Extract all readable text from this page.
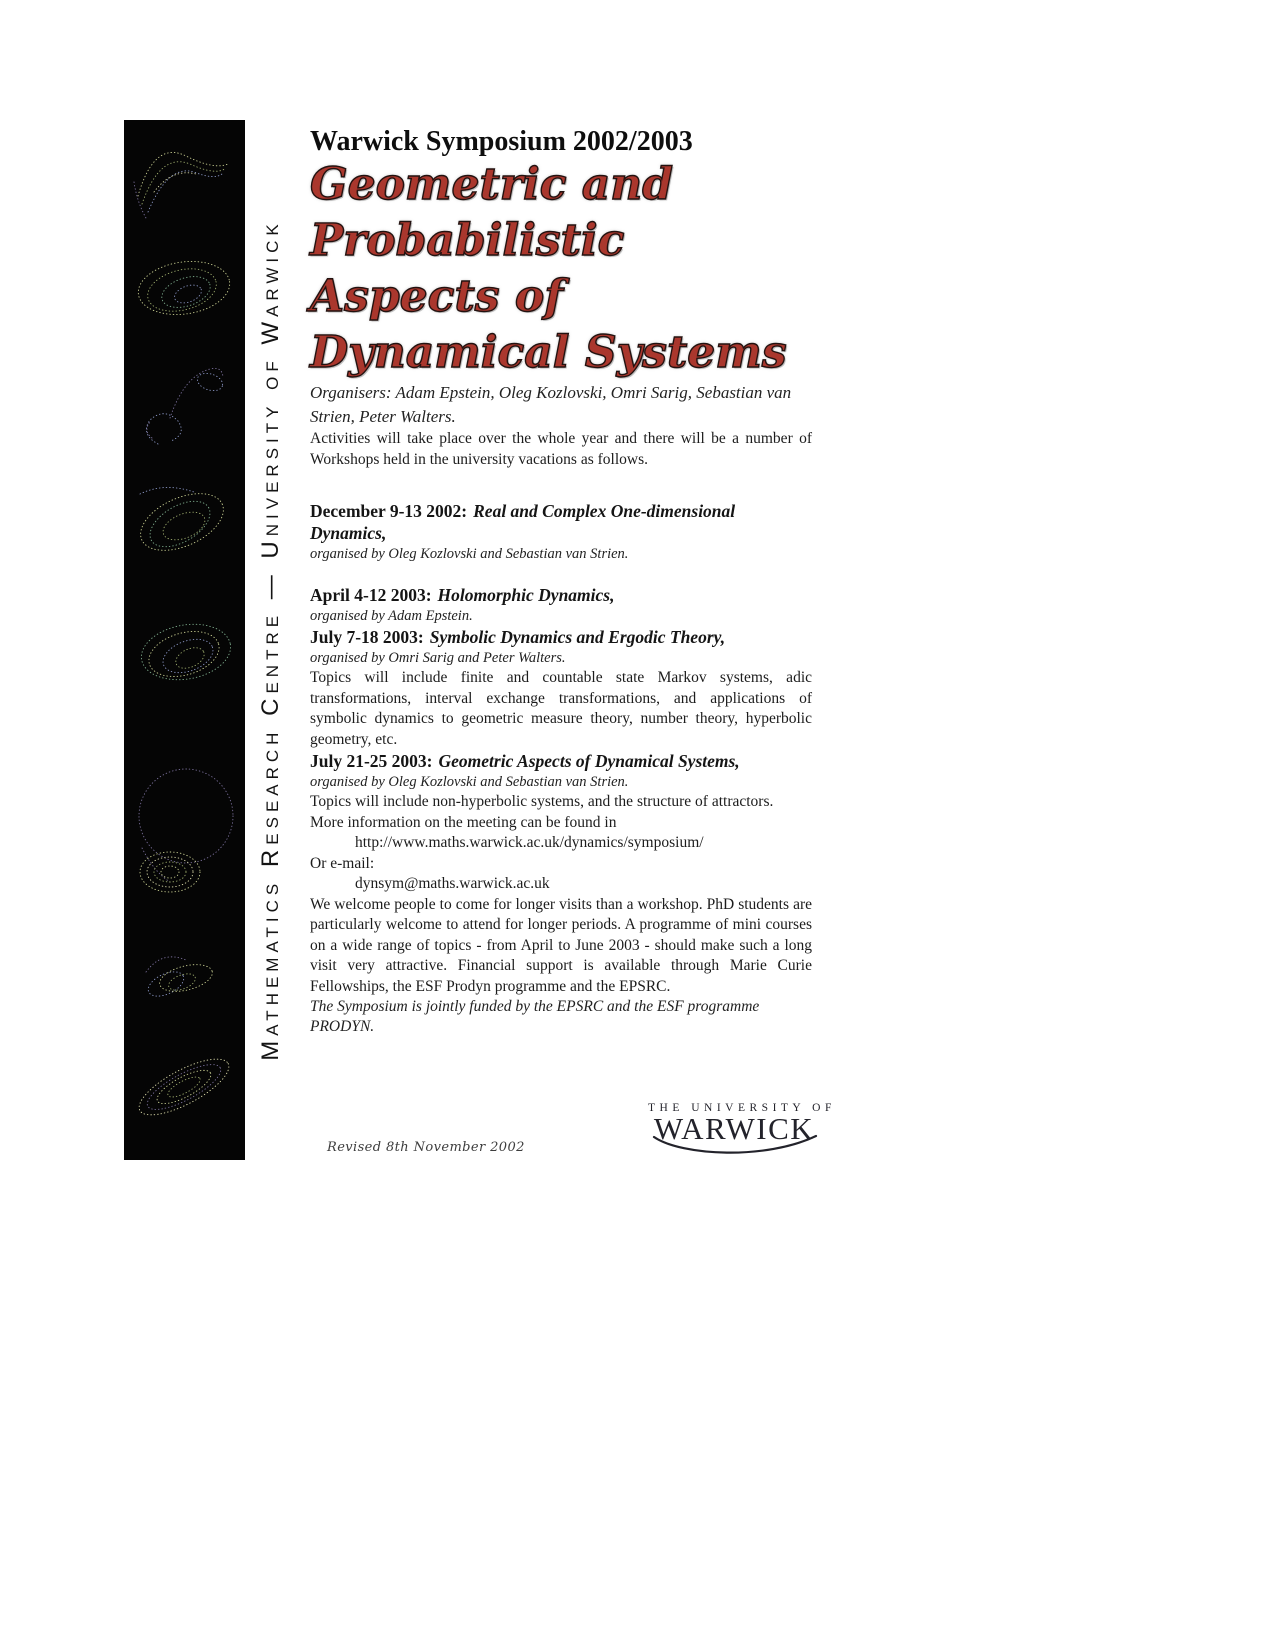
Mathematics Research Centre — University of Warwick
Warwick Symposium 2002/2003
Geometric and
Probabilistic Aspects of
Dynamical Systems

Organisers: Adam Epstein, Oleg Kozlovski, Omri Sarig, Sebastian van Strien, Peter Walters.

Activities will take place over the whole year and there will be a number of Workshops held in the university vacations as follows.

December 9-13 2002: Real and Complex One-dimensional Dynamics,
organised by Oleg Kozlovski and Sebastian van Strien.
April 4-12 2003: Holomorphic Dynamics,
organised by Adam Epstein.
July 7-18 2003: Symbolic Dynamics and Ergodic Theory,
organised by Omri Sarig and Peter Walters.
Topics will include finite and countable state Markov systems, adic transformations, interval exchange transformations, and applications of symbolic dynamics to geometric measure theory, number theory, hyperbolic geometry, etc.
July 21-25 2003: Geometric Aspects of Dynamical Systems,
organised by Oleg Kozlovski and Sebastian van Strien.
Topics will include non-hyperbolic systems, and the structure of attractors.
More information on the meeting can be found in
http://www.maths.warwick.ac.uk/dynamics/symposium/
Or e-mail:
dynsym@maths.warwick.ac.uk

We welcome people to come for longer visits than a workshop. PhD students are particularly welcome to attend for longer periods. A programme of mini courses on a wide range of topics - from April to June 2003 - should make such a long visit very attractive. Financial support is available through Marie Curie Fellowships, the ESF Prodyn programme and the EPSRC.

The Symposium is jointly funded by the EPSRC and the ESF programme PRODYN.

THE UNIVERSITY OF
WARWICK
Revised 8th November 2002
